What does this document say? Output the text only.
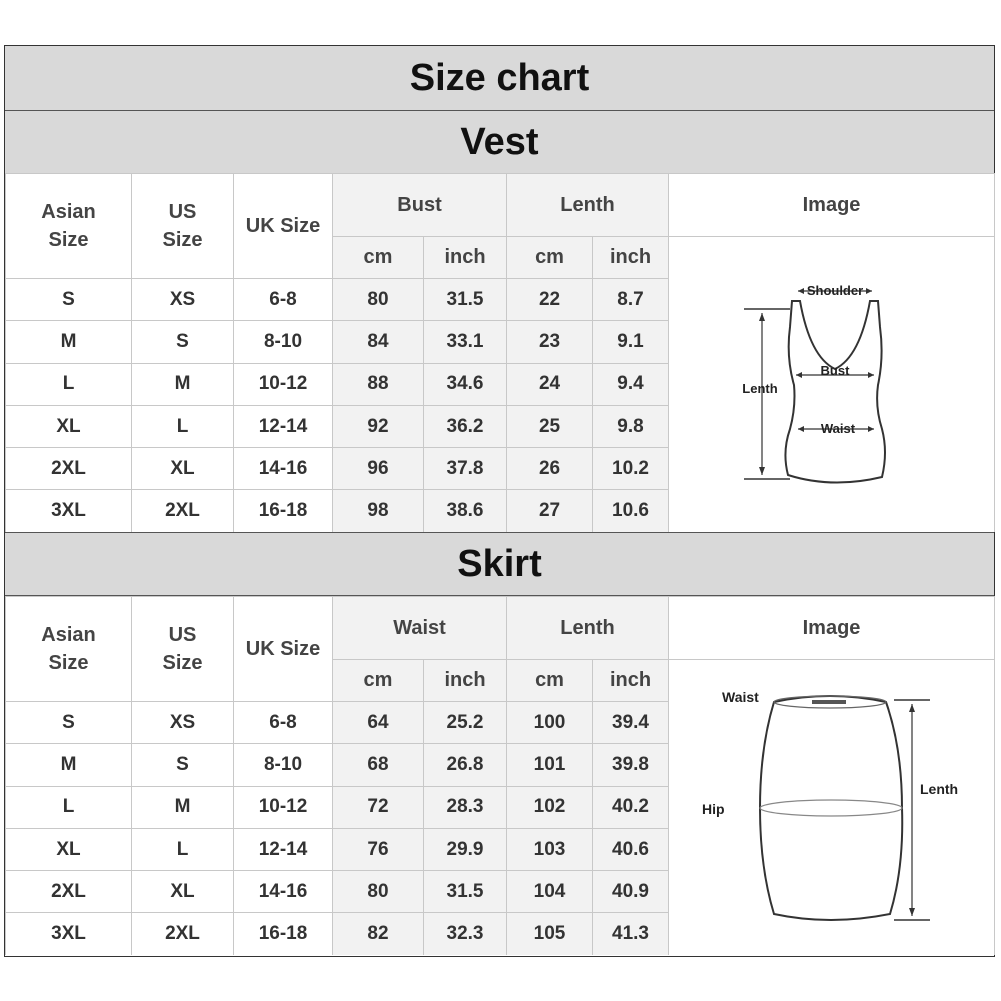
Size chart
Vest
Asian
Size	US
Size	UK Size	Bust		Lenth		Image
			cm	inch	cm	inch	Shoulder
Bust
Waist
Lenth

S	XS	6-8	80	31.5	22	8.7	
M	S	8-10	84	33.1	23	9.1	
L	M	10-12	88	34.6	24	9.4	
XL	L	12-14	92	36.2	25	9.8	
2XL	XL	14-16	96	37.8	26	10.2	
3XL	2XL	16-18	98	38.6	27	10.6	
Skirt
Asian
Size	US
Size	UK Size	Waist		Lenth		Image
			cm	inch	cm	inch	Waist
Hip
Lenth

S	XS	6-8	64	25.2	100	39.4	
M	S	8-10	68	26.8	101	39.8	
L	M	10-12	72	28.3	102	40.2	
XL	L	12-14	76	29.9	103	40.6	
2XL	XL	14-16	80	31.5	104	40.9	
3XL	2XL	16-18	82	32.3	105	41.3	
